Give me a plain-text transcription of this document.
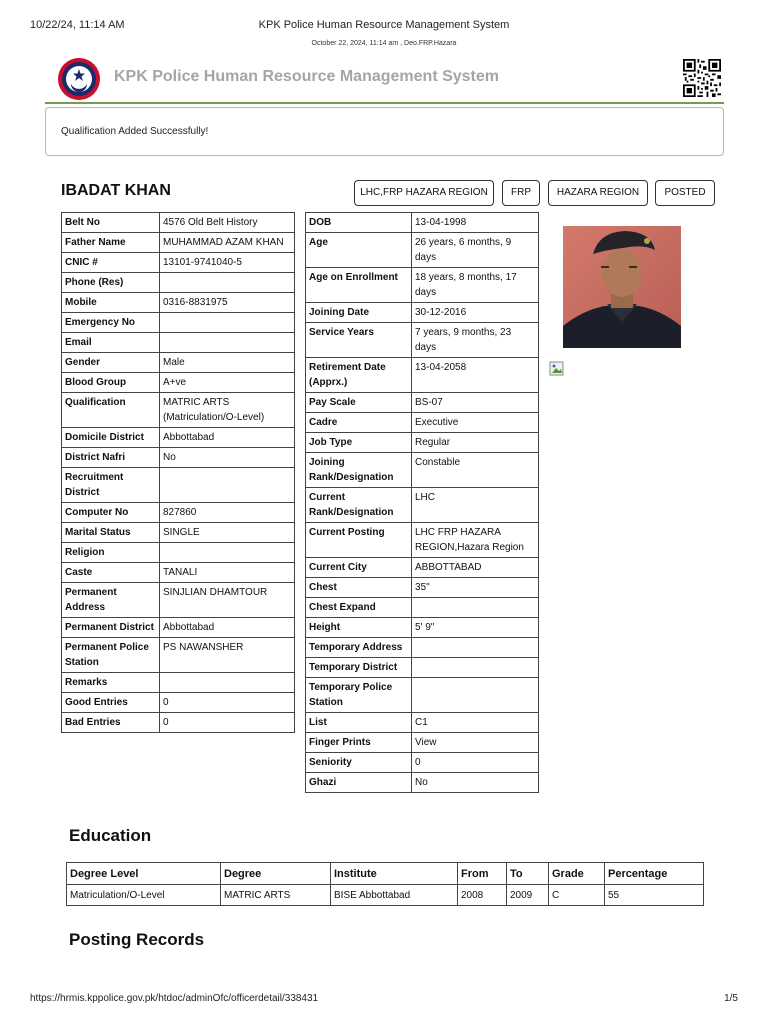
10/22/24, 11:14 AM	KPK Police Human Resource Management System
October 22, 2024, 11:14 am , Deo.FRP.Hazara
KPK Police Human Resource Management System
Qualification Added Successfully!
IBADAT KHAN	LHC,FRP HAZARA REGION	FRP	HAZARA REGION	POSTED
Belt No	4576 Old Belt History
Father Name	MUHAMMAD AZAM KHAN
CNIC #	13101-9741040-5
Phone (Res)	
Mobile	0316-8831975
Emergency No	
Email	
Gender	Male
Blood Group	A+ve
Qualification	MATRIC ARTS (Matriculation/O-Level)
Domicile District	Abbottabad
District Nafri	No
Recruitment District	
Computer No	827860
Marital Status	SINGLE
Religion	
Caste	TANALI
Permanent Address	SINJLIAN DHAMTOUR
Permanent District	Abbottabad
Permanent Police Station	PS NAWANSHER
Remarks	
Good Entries	0
Bad Entries	0
DOB	13-04-1998
Age	26 years, 6 months, 9 days
Age on Enrollment	18 years, 8 months, 17 days
Joining Date	30-12-2016
Service Years	7 years, 9 months, 23 days
Retirement Date (Apprx.)	13-04-2058
Pay Scale	BS-07
Cadre	Executive
Job Type	Regular
Joining Rank/Designation	Constable
Current Rank/Designation	LHC
Current Posting	LHC FRP HAZARA REGION,Hazara Region
Current City	ABBOTTABAD
Chest	35"
Chest Expand	
Height	5' 9"
Temporary Address	
Temporary District	
Temporary Police Station	
List	C1
Finger Prints	View
Seniority	0
Ghazi	No
Education
Degree Level	Degree	Institute	From	To	Grade	Percentage
Matriculation/O-Level	MATRIC ARTS	BISE Abbottabad	2008	2009	C	55
Posting Records
https://hrmis.kppolice.gov.pk/htdoc/adminOfc/officerdetail/338431	1/5
